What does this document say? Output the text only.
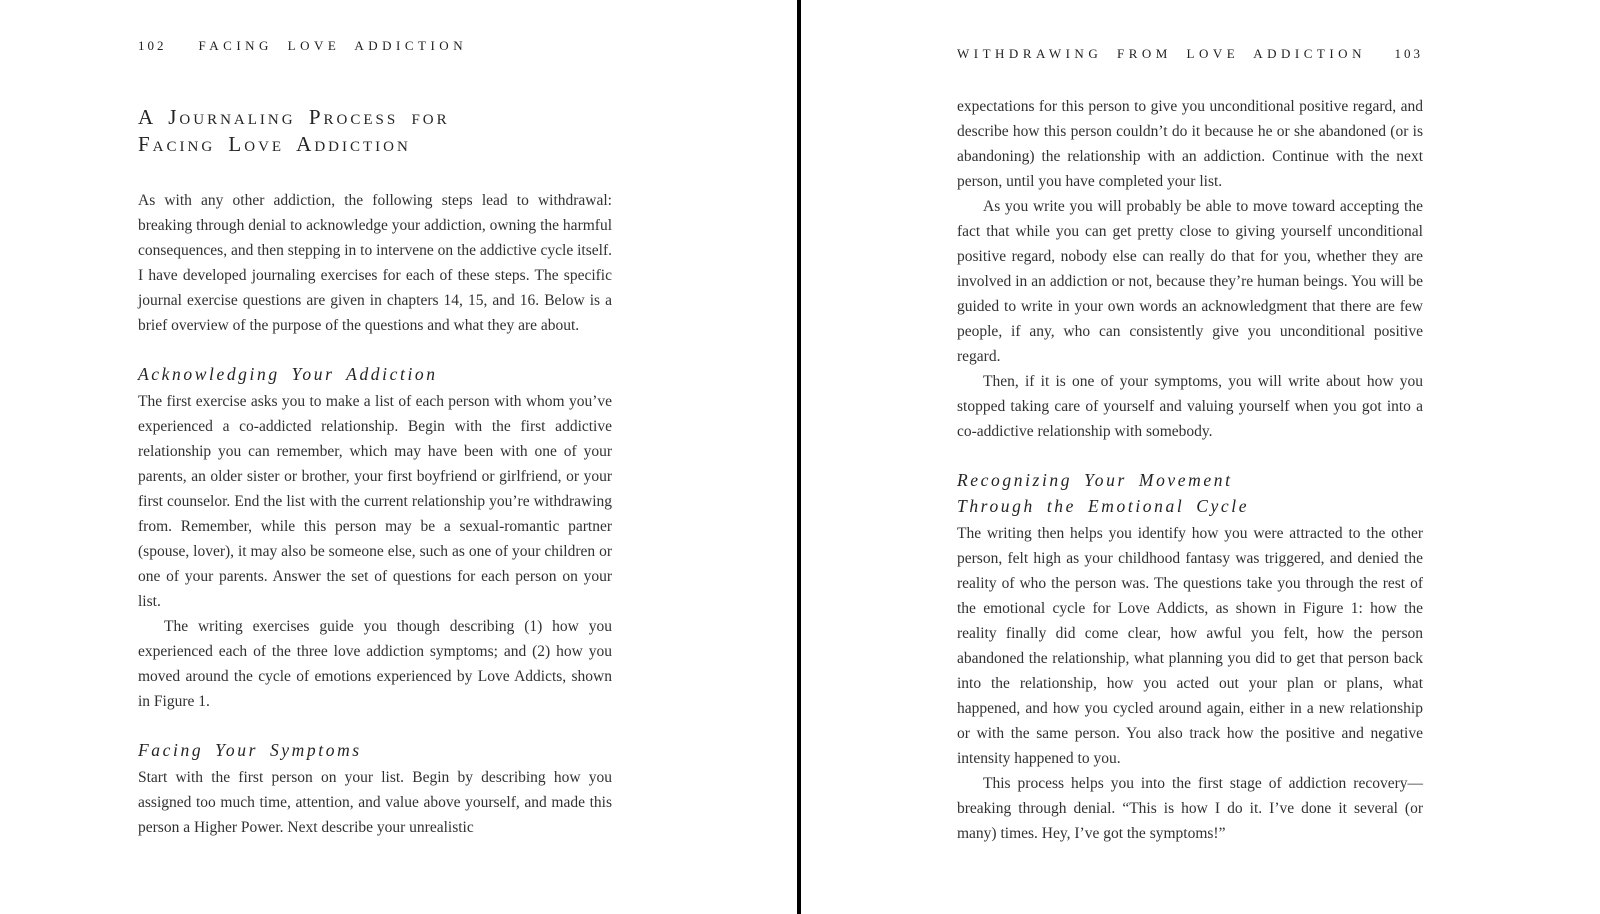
102 FACING LOVE ADDICTION
A Journaling Process for
Facing Love Addiction

As with any other addiction, the following steps lead to withdrawal: breaking through denial to acknowledge your addiction, owning the harmful consequences, and then stepping in to intervene on the addictive cycle itself. I have developed journaling exercises for each of these steps. The specific journal exercise questions are given in chapters 14, 15, and 16. Below is a brief overview of the purpose of the questions and what they are about.

Acknowledging Your Addiction

The first exercise asks you to make a list of each person with whom you’ve experienced a co-addicted relationship. Begin with the first addictive relationship you can remember, which may have been with one of your parents, an older sister or brother, your first boyfriend or girlfriend, or your first counselor. End the list with the current relationship you’re withdrawing from. Remember, while this person may be a sexual-romantic partner (spouse, lover), it may also be someone else, such as one of your children or one of your parents. Answer the set of questions for each person on your list.

The writing exercises guide you though describing (1) how you experienced each of the three love addiction symptoms; and (2) how you moved around the cycle of emotions experienced by Love Addicts, shown in Figure 1.

Facing Your Symptoms

Start with the first person on your list. Begin by describing how you assigned too much time, attention, and value above yourself, and made this person a Higher Power. Next describe your unrealistic

WITHDRAWING FROM LOVE ADDICTION 103

expectations for this person to give you unconditional positive regard, and describe how this person couldn’t do it because he or she abandoned (or is abandoning) the relationship with an addiction. Continue with the next person, until you have completed your list.

As you write you will probably be able to move toward accepting the fact that while you can get pretty close to giving yourself unconditional positive regard, nobody else can really do that for you, whether they are involved in an addiction or not, because they’re human beings. You will be guided to write in your own words an acknowledgment that there are few people, if any, who can consistently give you unconditional positive regard.

Then, if it is one of your symptoms, you will write about how you stopped taking care of yourself and valuing yourself when you got into a co-addictive relationship with somebody.

Recognizing Your Movement
Through the Emotional Cycle

The writing then helps you identify how you were attracted to the other person, felt high as your childhood fantasy was triggered, and denied the reality of who the person was. The questions take you through the rest of the emotional cycle for Love Addicts, as shown in Figure 1: how the reality finally did come clear, how awful you felt, how the person abandoned the relationship, what planning you did to get that person back into the relationship, how you acted out your plan or plans, what happened, and how you cycled around again, either in a new relationship or with the same person. You also track how the positive and negative intensity happened to you.

This process helps you into the first stage of addiction recovery—breaking through denial. “This is how I do it. I’ve done it several (or many) times. Hey, I’ve got the symptoms!”
